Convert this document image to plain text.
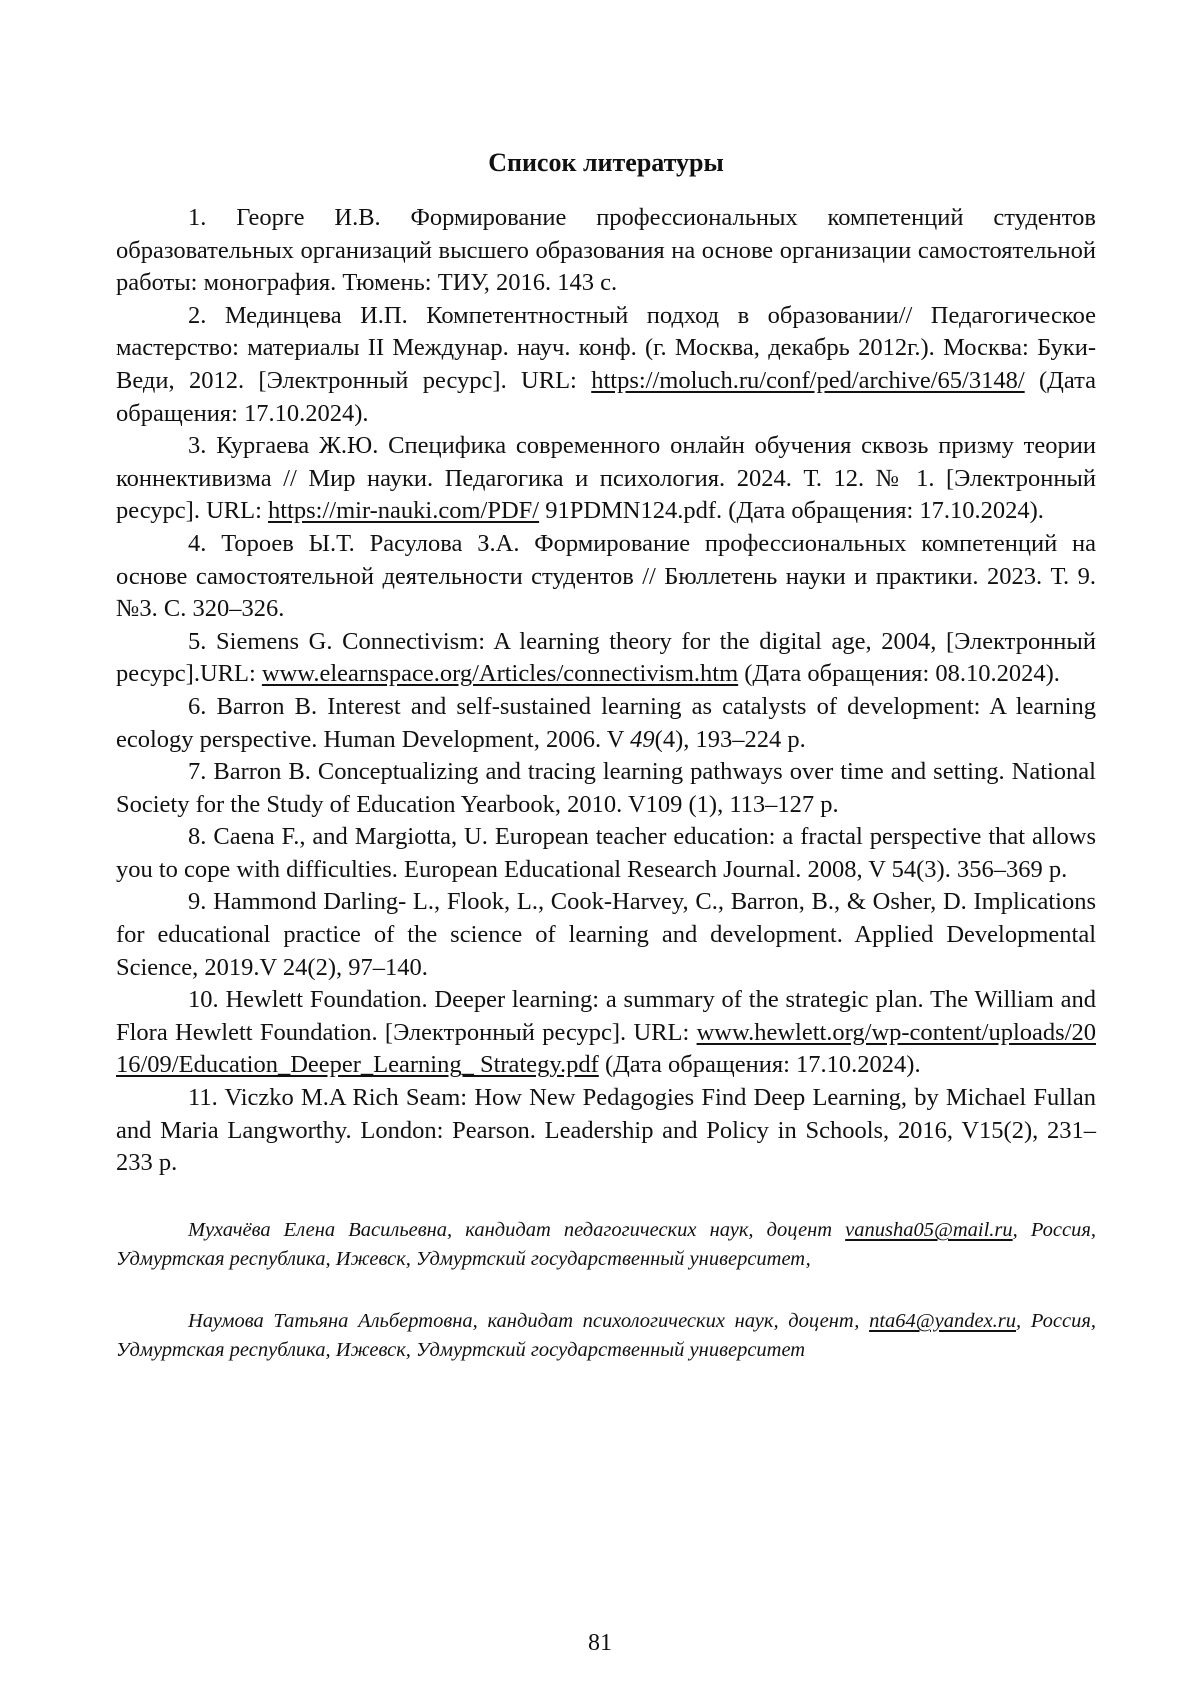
Список литературы
1. Георге И.В. Формирование профессиональных компетенций студентов образовательных организаций высшего образования на основе организации самостоятельной работы: монография. Тюмень: ТИУ, 2016. 143 с.
2. Мединцева И.П. Компетентностный подход в образовании// Педагогическое мастерство: материалы II Междунар. науч. конф. (г. Москва, декабрь 2012г.). Москва: Буки-Веди, 2012. [Электронный ресурс]. URL: https://moluch.ru/conf/ped/archive/65/3148/ (Дата обращения: 17.10.2024).
3. Кургаева Ж.Ю. Специфика современного онлайн обучения сквозь призму теории коннективизма // Мир науки. Педагогика и психология. 2024. Т. 12. № 1. [Электронный ресурс]. URL: https://mir-nauki.com/PDF/ 91PDMN124.pdf. (Дата обращения: 17.10.2024).
4. Тороев Ы.Т. Расулова З.А. Формирование профессиональных компетенций на основе самостоятельной деятельности студентов // Бюллетень науки и практики. 2023. Т. 9. №3. С. 320–326.
5. Siemens G. Connectivism: A learning theory for the digital age, 2004, [Электронный ресурс].URL: www.elearnspace.org/Articles/connectivism.htm (Дата обращения: 08.10.2024).
6. Barron B. Interest and self-sustained learning as catalysts of development: A learning ecology perspective. Human Development, 2006. V 49(4), 193–224 p.
7. Barron B. Conceptualizing and tracing learning pathways over time and setting. National Society for the Study of Education Yearbook, 2010. V109 (1), 113–127 p.
8. Caena F., and Margiotta, U. European teacher education: a fractal perspective that allows you to cope with difficulties. European Educational Research Journal. 2008, V 54(3). 356–369 p.
9. Hammond Darling- L., Flook, L., Cook-Harvey, C., Barron, B., & Osher, D. Implications for educational practice of the science of learning and development. Applied Developmental Science, 2019.V 24(2), 97–140.
10. Hewlett Foundation. Deeper learning: a summary of the strategic plan. The William and Flora Hewlett Foundation. [Электронный ресурс]. URL: www.hewlett.org/wp-content/uploads/2016/09/Education_Deeper_Learning_ Strategy.pdf (Дата обращения: 17.10.2024).
11. Viczko M.A Rich Seam: How New Pedagogies Find Deep Learning, by Michael Fullan and Maria Langworthy. London: Pearson. Leadership and Policy in Schools, 2016, V15(2), 231–233 p.

Мухачёва Елена Васильевна, кандидат педагогических наук, доцент vanusha05@mail.ru, Россия, Удмуртская республика, Ижевск, Удмуртский государственный университет,

Наумова Татьяна Альбертовна, кандидат психологических наук, доцент, nta64@yandex.ru, Россия, Удмуртская республика, Ижевск, Удмуртский государственный университет

81
